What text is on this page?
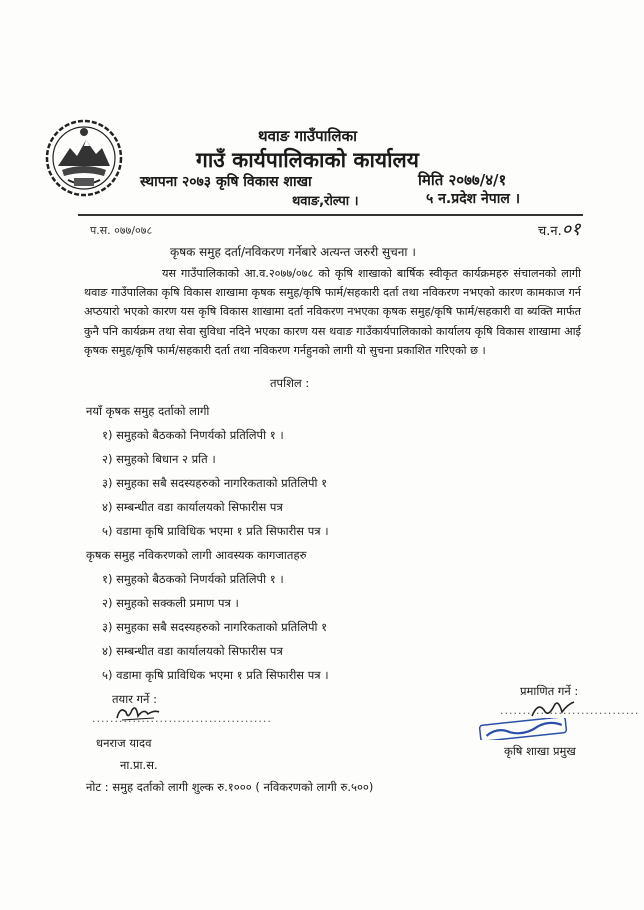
थवाङ गाउँपालिका
गाउँ कार्यपालिकाको कार्यालय
स्थापना २०७३ कृषि विकास शाखा	मिति २०७७/४/१
थवाङ,रोल्पा ।	५ न.प्रदेश नेपाल ।
प.स. ०७७/०७८	च.न.०१
कृषक समुह दर्ता/नविकरण गर्नेबारे अत्यन्त जरुरी सुचना ।
यस गाउँपालिकाको आ.व.२०७७/०७८ को कृषि शाखाको बार्षिक स्वीकृत कार्यक्रमहरु संचालनको लागी थवाङ गाउँपालिका कृषि विकास शाखामा कृषक समुह/कृषि फार्म/सहकारी दर्ता तथा नविकरण नभएको कारण कामकाज गर्न अप्ठयारो भएको कारण यस कृषि विकास शाखामा दर्ता नविकरण नभएका कृषक समुह/कृषि फार्म/सहकारी वा ब्यक्ति मार्फत कुनै पनि कार्यक्रम तथा सेवा सुविधा नदिने भएका कारण यस थवाङ गाउँकार्यपालिकाको कार्यालय कृषि विकास शाखामा आई कृषक समुह/कृषि फार्म/सहकारी दर्ता तथा नविकरण गर्नहुनको लागी यो सुचना प्रकाशित गरिएको छ ।
तपशिल :
नयाँ कृषक समुह दर्ताको लागी
१) समुहको बैठकको निणर्यको प्रतिलिपी १ ।
२) समुहको बिधान २ प्रति ।
३) समुहका सबै सदस्यहरुको नागरिकताको प्रतिलिपी १
४) सम्बन्धीत वडा कार्यालयको सिफारीस पत्र
५) वडामा कृषि प्राविधिक भएमा १ प्रति सिफारीस पत्र ।
कृषक समुह नविकरणको लागी आवस्यक कागजातहरु
१) समुहको बैठकको निणर्यको प्रतिलिपी १ ।
२) समुहको सक्कली प्रमाण पत्र ।
३) समुहका सबै सदस्यहरुको नागरिकताको प्रतिलिपी १
४) सम्बन्धीत वडा कार्यालयको सिफारीस पत्र
५) वडामा कृषि प्राविधिक भएमा १ प्रति सिफारीस पत्र ।
तयार गर्ने :
........................................
धनराज यादव
ना.प्रा.स.
प्रमाणित गर्ने :
...............................
कृषि शाखा प्रमुख
नोट : समुह दर्ताको लागी शुल्क रु.१००० ( नविकरणको लागी रु.५००)
